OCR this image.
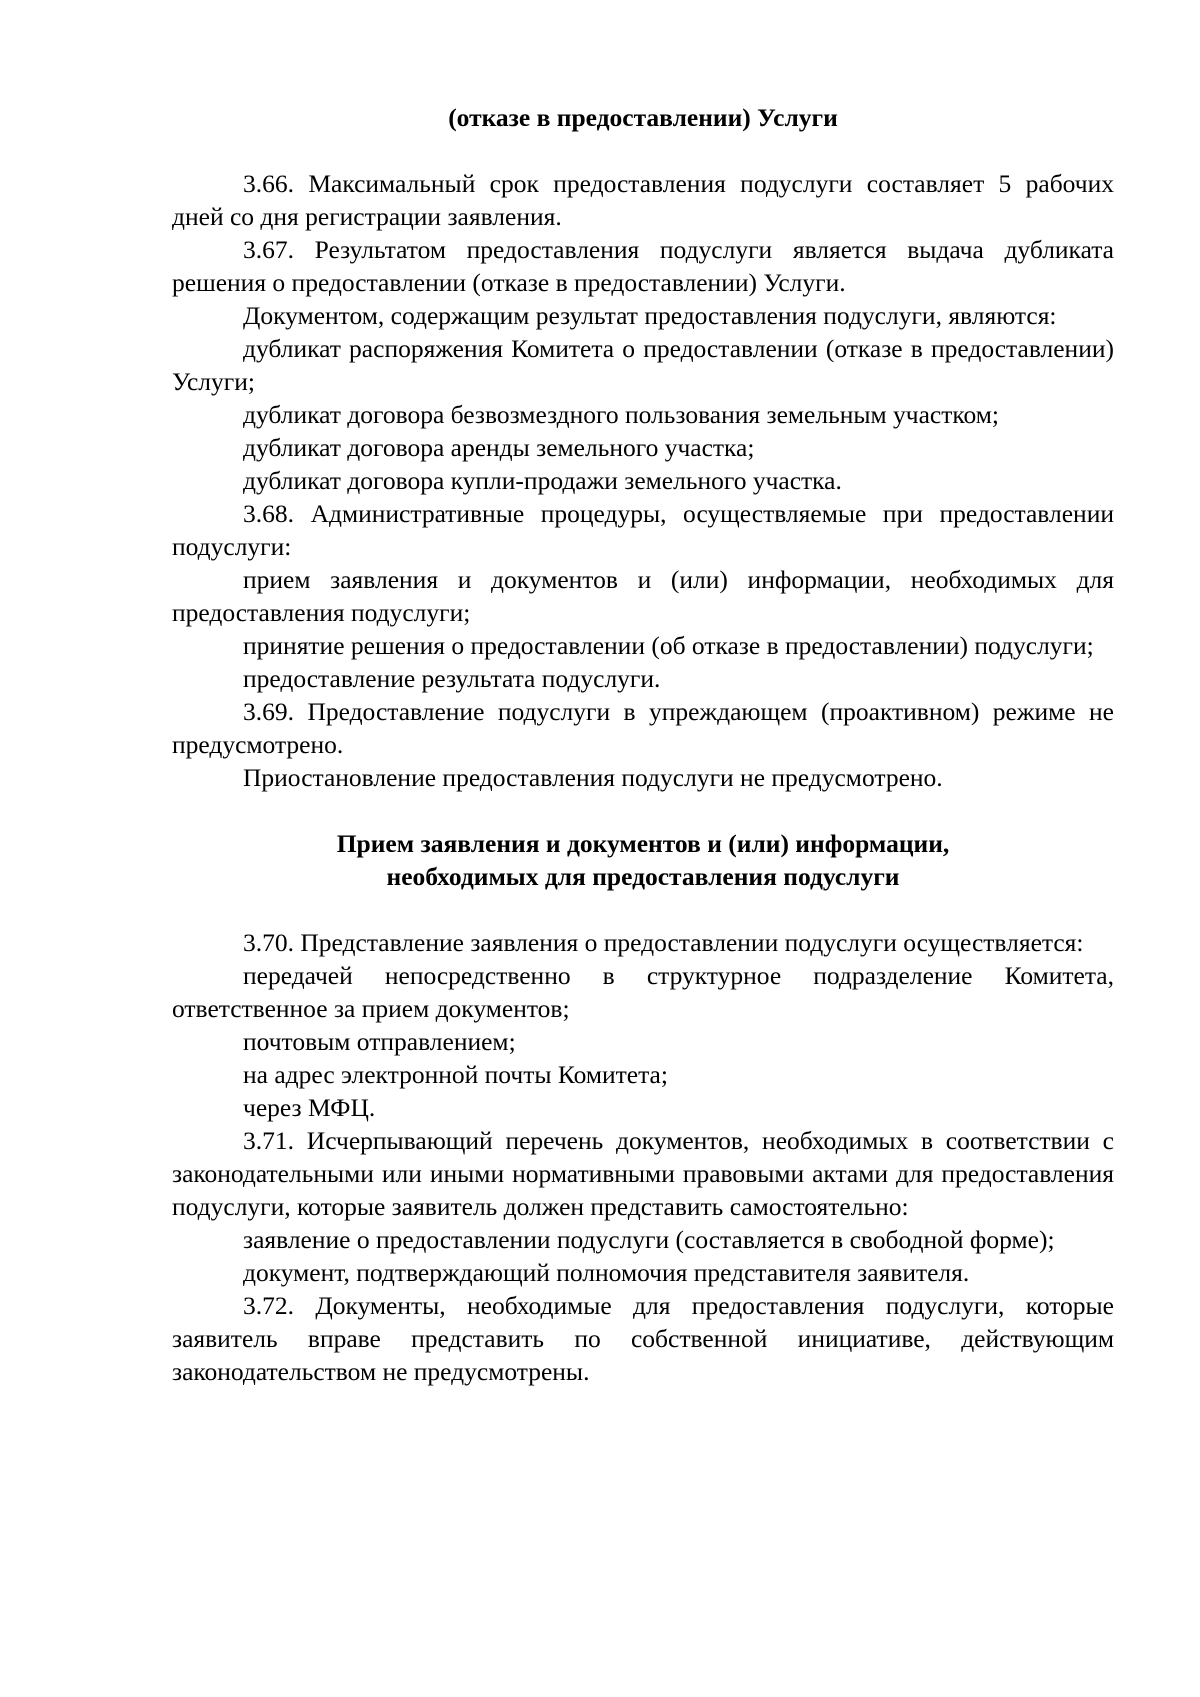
(отказе в предоставлении) Услуги

3.66. Максимальный срок предоставления подуслуги составляет 5 рабочих дней со дня регистрации заявления.

3.67. Результатом предоставления подуслуги является выдача дубликата решения о предоставлении (отказе в предоставлении) Услуги.

Документом, содержащим результат предоставления подуслуги, являются:

дубликат распоряжения Комитета о предоставлении (отказе в предоставлении) Услуги;

дубликат договора безвозмездного пользования земельным участком;

дубликат договора аренды земельного участка;

дубликат договора купли-продажи земельного участка.

3.68. Административные процедуры, осуществляемые при предоставлении подуслуги:

прием заявления и документов и (или) информации, необходимых для предоставления подуслуги;

принятие решения о предоставлении (об отказе в предоставлении) подуслуги;

предоставление результата подуслуги.

3.69. Предоставление подуслуги в упреждающем (проактивном) режиме не предусмотрено.

Приостановление предоставления подуслуги не предусмотрено.

Прием заявления и документов и (или) информации,
необходимых для предоставления подуслуги

3.70. Представление заявления о предоставлении подуслуги осуществляется:

передачей непосредственно в структурное подразделение Комитета, ответственное за прием документов;

почтовым отправлением;

на адрес электронной почты Комитета;

через МФЦ.

3.71. Исчерпывающий перечень документов, необходимых в соответствии с законодательными или иными нормативными правовыми актами для предоставления подуслуги, которые заявитель должен представить самостоятельно:

заявление о предоставлении подуслуги (составляется в свободной форме);

документ, подтверждающий полномочия представителя заявителя.

3.72. Документы, необходимые для предоставления подуслуги, которые заявитель вправе представить по собственной инициативе, действующим законодательством не предусмотрены.
